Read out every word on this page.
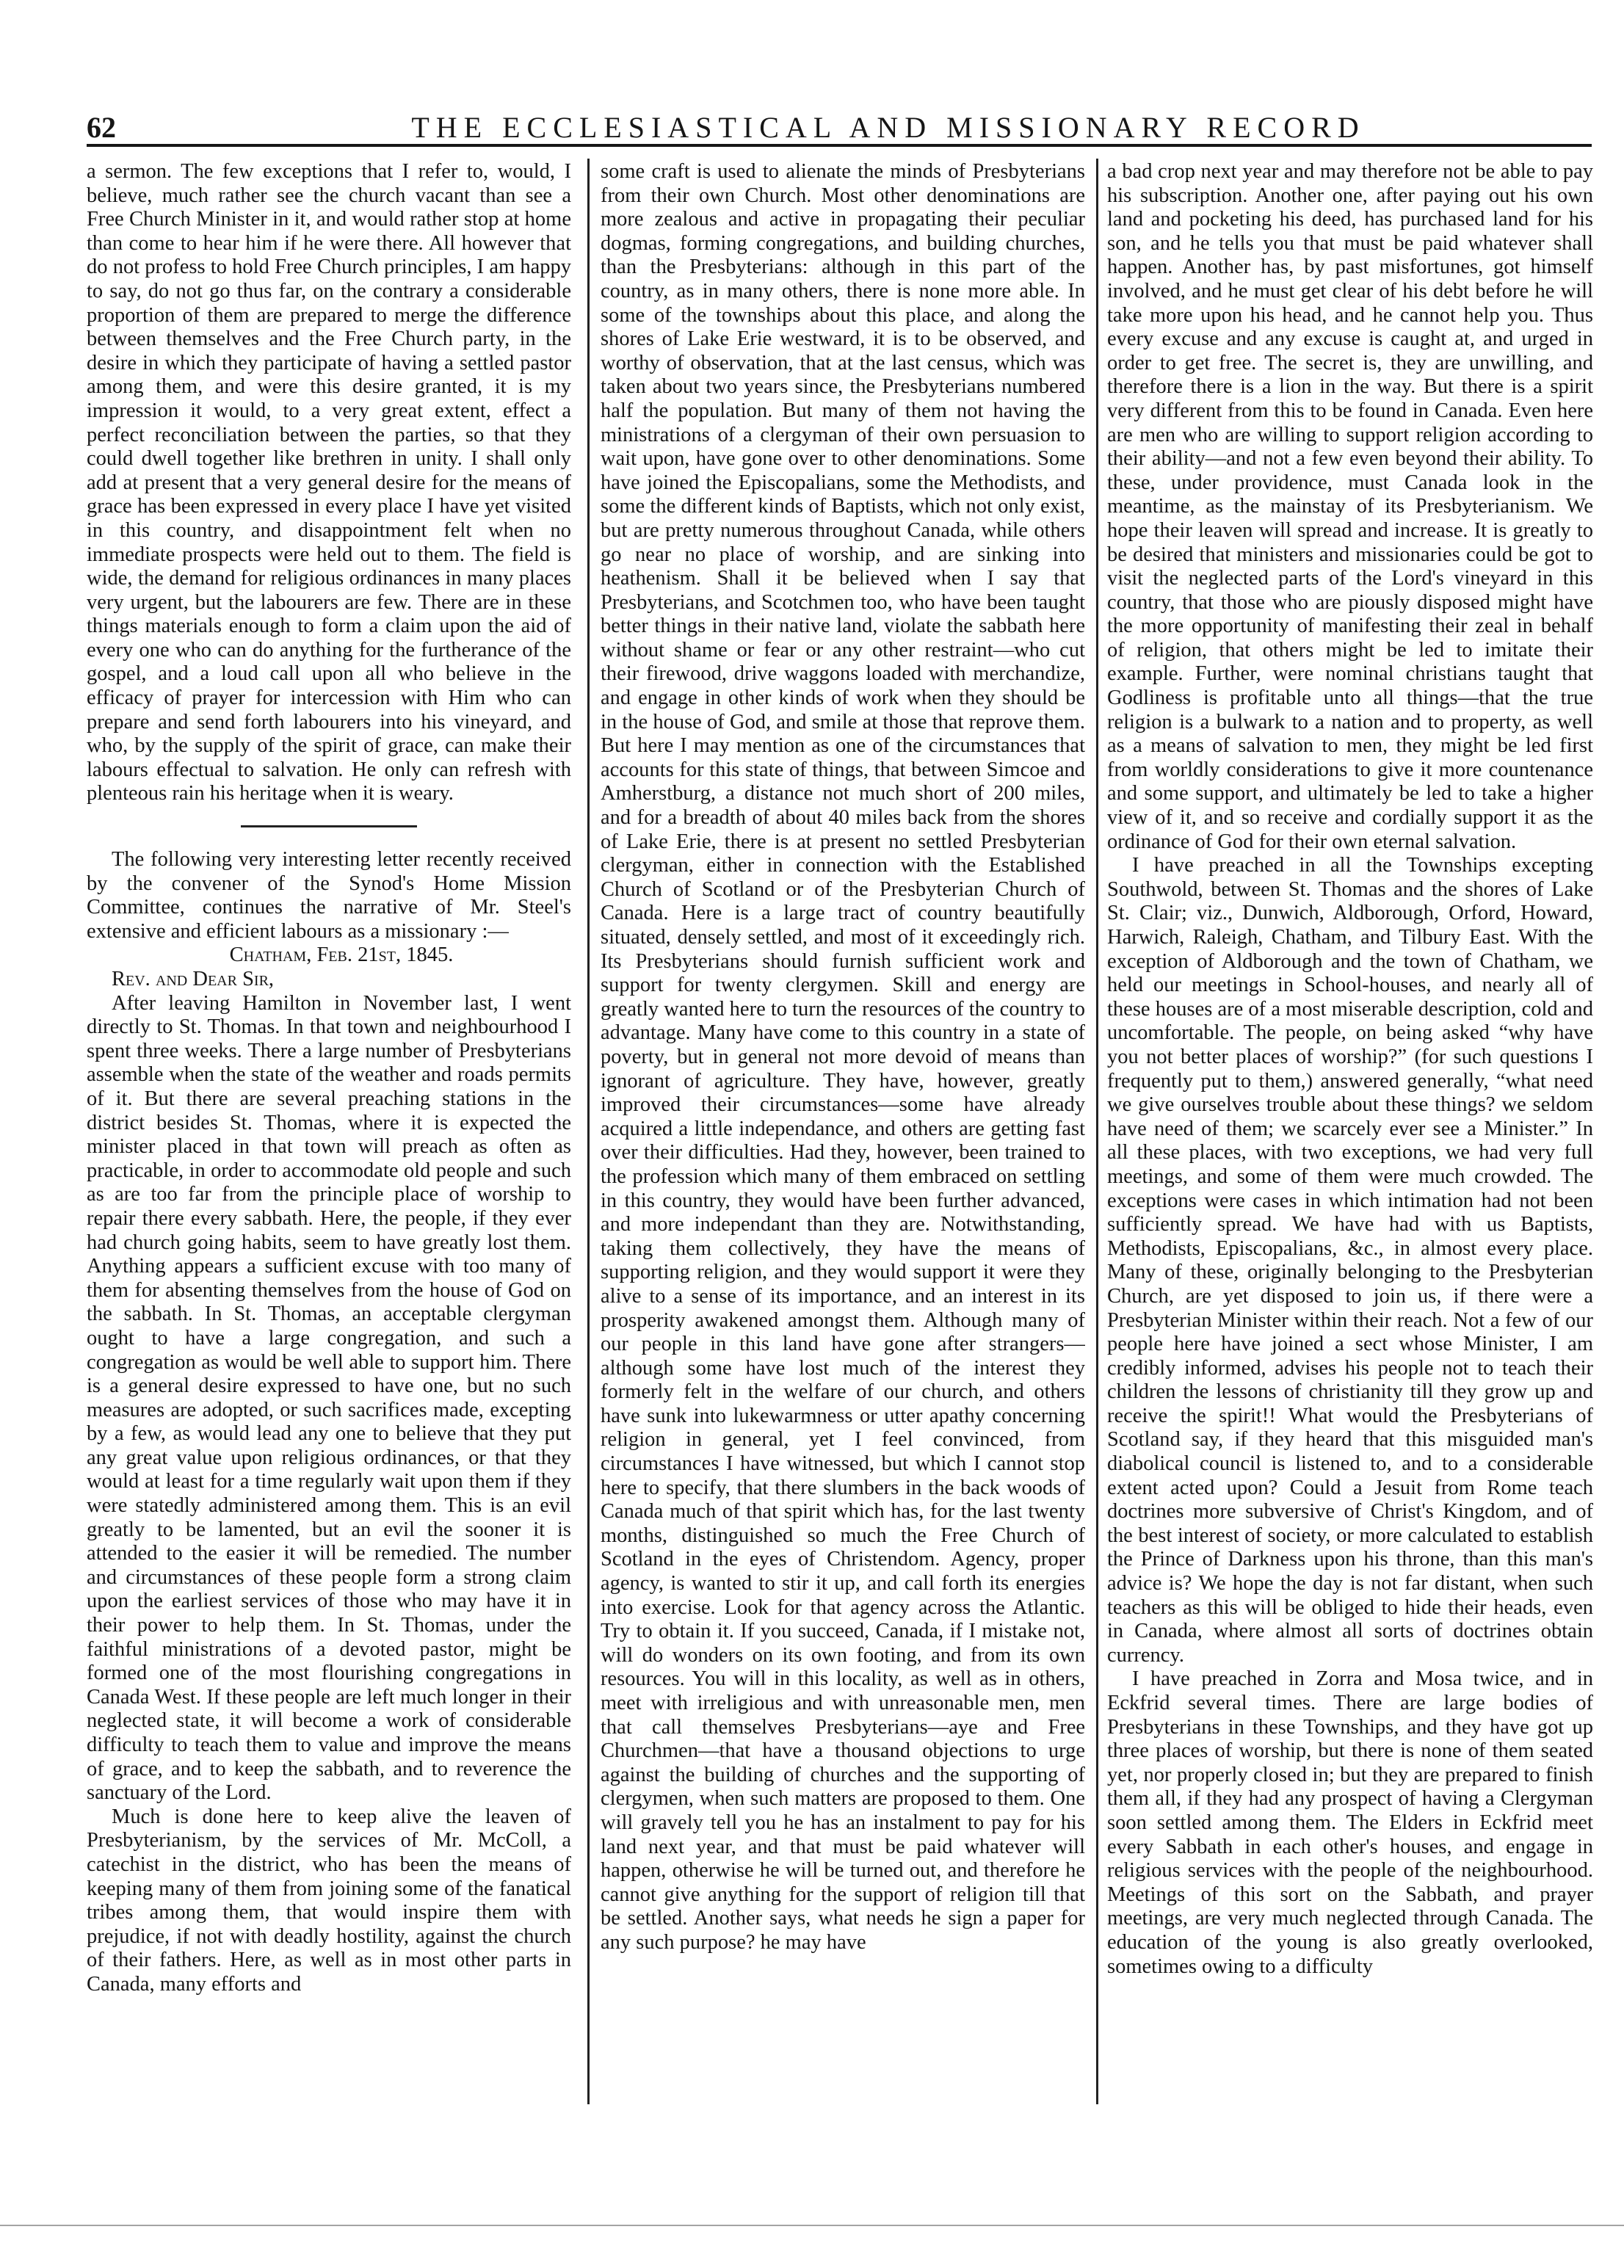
62	THE ECCLESIASTICAL AND MISSIONARY RECORD

a sermon. The few exceptions that I refer to, would, I believe, much rather see the church vacant than see a Free Church Minister in it, and would rather stop at home than come to hear him if he were there. All however that do not profess to hold Free Church principles, I am happy to say, do not go thus far, on the contrary a considerable proportion of them are prepared to merge the difference between themselves and the Free Church party, in the desire in which they participate of having a settled pastor among them, and were this desire granted, it is my impression it would, to a very great extent, effect a perfect reconciliation between the parties, so that they could dwell together like brethren in unity. I shall only add at present that a very general desire for the means of grace has been expressed in every place I have yet visited in this country, and disappointment felt when no immediate prospects were held out to them. The field is wide, the demand for religious ordinances in many places very urgent, but the labourers are few. There are in these things materials enough to form a claim upon the aid of every one who can do anything for the furtherance of the gospel, and a loud call upon all who believe in the efficacy of prayer for intercession with Him who can prepare and send forth labourers into his vineyard, and who, by the supply of the spirit of grace, can make their labours effectual to salvation. He only can refresh with plenteous rain his heritage when it is weary.

The following very interesting letter recently received by the convener of the Synod's Home Mission Committee, continues the narrative of Mr. Steel's extensive and efficient labours as a missionary :—

Chatham, Feb. 21st, 1845.

Rev. and Dear Sir,

After leaving Hamilton in November last, I went directly to St. Thomas. In that town and neighbourhood I spent three weeks. There a large number of Presbyterians assemble when the state of the weather and roads permits of it. But there are several preaching stations in the district besides St. Thomas, where it is expected the minister placed in that town will preach as often as practicable, in order to accommodate old people and such as are too far from the principle place of worship to repair there every sabbath. Here, the people, if they ever had church going habits, seem to have greatly lost them. Anything appears a sufficient excuse with too many of them for absenting themselves from the house of God on the sabbath. In St. Thomas, an acceptable clergyman ought to have a large congregation, and such a congregation as would be well able to support him. There is a general desire expressed to have one, but no such measures are adopted, or such sacrifices made, excepting by a few, as would lead any one to believe that they put any great value upon religious ordinances, or that they would at least for a time regularly wait upon them if they were statedly administered among them. This is an evil greatly to be lamented, but an evil the sooner it is attended to the easier it will be remedied. The number and circumstances of these people form a strong claim upon the earliest services of those who may have it in their power to help them. In St. Thomas, under the faithful ministrations of a devoted pastor, might be formed one of the most flourishing congregations in Canada West. If these people are left much longer in their neglected state, it will become a work of considerable difficulty to teach them to value and improve the means of grace, and to keep the sabbath, and to reverence the sanctuary of the Lord.

Much is done here to keep alive the leaven of Presbyterianism, by the services of Mr. McColl, a catechist in the district, who has been the means of keeping many of them from joining some of the fanatical tribes among them, that would inspire them with prejudice, if not with deadly hostility, against the church of their fathers. Here, as well as in most other parts in Canada, many efforts and

some craft is used to alienate the minds of Presbyterians from their own Church. Most other denominations are more zealous and active in propagating their peculiar dogmas, forming congregations, and building churches, than the Presbyterians: although in this part of the country, as in many others, there is none more able. In some of the townships about this place, and along the shores of Lake Erie westward, it is to be observed, and worthy of observation, that at the last census, which was taken about two years since, the Presbyterians numbered half the population. But many of them not having the ministrations of a clergyman of their own persuasion to wait upon, have gone over to other denominations. Some have joined the Episcopalians, some the Methodists, and some the different kinds of Baptists, which not only exist, but are pretty numerous throughout Canada, while others go near no place of worship, and are sinking into heathenism. Shall it be believed when I say that Presbyterians, and Scotchmen too, who have been taught better things in their native land, violate the sabbath here without shame or fear or any other restraint—who cut their firewood, drive waggons loaded with merchandize, and engage in other kinds of work when they should be in the house of God, and smile at those that reprove them. But here I may mention as one of the circumstances that accounts for this state of things, that between Simcoe and Amherstburg, a distance not much short of 200 miles, and for a breadth of about 40 miles back from the shores of Lake Erie, there is at present no settled Presbyterian clergyman, either in connection with the Established Church of Scotland or of the Presbyterian Church of Canada. Here is a large tract of country beautifully situated, densely settled, and most of it exceedingly rich. Its Presbyterians should furnish sufficient work and support for twenty clergymen. Skill and energy are greatly wanted here to turn the resources of the country to advantage. Many have come to this country in a state of poverty, but in general not more devoid of means than ignorant of agriculture. They have, however, greatly improved their circumstances—some have already acquired a little independance, and others are getting fast over their difficulties. Had they, however, been trained to the profession which many of them embraced on settling in this country, they would have been further advanced, and more independant than they are. Notwithstanding, taking them collectively, they have the means of supporting religion, and they would support it were they alive to a sense of its importance, and an interest in its prosperity awakened amongst them. Although many of our people in this land have gone after strangers—although some have lost much of the interest they formerly felt in the welfare of our church, and others have sunk into lukewarmness or utter apathy concerning religion in general, yet I feel convinced, from circumstances I have witnessed, but which I cannot stop here to specify, that there slumbers in the back woods of Canada much of that spirit which has, for the last twenty months, distinguished so much the Free Church of Scotland in the eyes of Christendom. Agency, proper agency, is wanted to stir it up, and call forth its energies into exercise. Look for that agency across the Atlantic. Try to obtain it. If you succeed, Canada, if I mistake not, will do wonders on its own footing, and from its own resources. You will in this locality, as well as in others, meet with irreligious and with unreasonable men, men that call themselves Presbyterians—aye and Free Churchmen—that have a thousand objections to urge against the building of churches and the supporting of clergymen, when such matters are proposed to them. One will gravely tell you he has an instalment to pay for his land next year, and that must be paid whatever will happen, otherwise he will be turned out, and therefore he cannot give anything for the support of religion till that be settled. Another says, what needs he sign a paper for any such purpose? he may have

a bad crop next year and may therefore not be able to pay his subscription. Another one, after paying out his own land and pocketing his deed, has purchased land for his son, and he tells you that must be paid whatever shall happen. Another has, by past misfortunes, got himself involved, and he must get clear of his debt before he will take more upon his head, and he cannot help you. Thus every excuse and any excuse is caught at, and urged in order to get free. The secret is, they are unwilling, and therefore there is a lion in the way. But there is a spirit very different from this to be found in Canada. Even here are men who are willing to support religion according to their ability—and not a few even beyond their ability. To these, under providence, must Canada look in the meantime, as the mainstay of its Presbyterianism. We hope their leaven will spread and increase. It is greatly to be desired that ministers and missionaries could be got to visit the neglected parts of the Lord's vineyard in this country, that those who are piously disposed might have the more opportunity of manifesting their zeal in behalf of religion, that others might be led to imitate their example. Further, were nominal christians taught that Godliness is profitable unto all things—that the true religion is a bulwark to a nation and to property, as well as a means of salvation to men, they might be led first from worldly considerations to give it more countenance and some support, and ultimately be led to take a higher view of it, and so receive and cordially support it as the ordinance of God for their own eternal salvation.

I have preached in all the Townships excepting Southwold, between St. Thomas and the shores of Lake St. Clair; viz., Dunwich, Aldborough, Orford, Howard, Harwich, Raleigh, Chatham, and Tilbury East. With the exception of Aldborough and the town of Chatham, we held our meetings in School-houses, and nearly all of these houses are of a most miserable description, cold and uncomfortable. The people, on being asked “why have you not better places of worship?” (for such questions I frequently put to them,) answered generally, “what need we give ourselves trouble about these things? we seldom have need of them; we scarcely ever see a Minister.” In all these places, with two exceptions, we had very full meetings, and some of them were much crowded. The exceptions were cases in which intimation had not been sufficiently spread. We have had with us Baptists, Methodists, Episcopalians, &c., in almost every place. Many of these, originally belonging to the Presbyterian Church, are yet disposed to join us, if there were a Presbyterian Minister within their reach. Not a few of our people here have joined a sect whose Minister, I am credibly informed, advises his people not to teach their children the lessons of christianity till they grow up and receive the spirit!! What would the Presbyterians of Scotland say, if they heard that this misguided man's diabolical council is listened to, and to a considerable extent acted upon? Could a Jesuit from Rome teach doctrines more subversive of Christ's Kingdom, and of the best interest of society, or more calculated to establish the Prince of Darkness upon his throne, than this man's advice is? We hope the day is not far distant, when such teachers as this will be obliged to hide their heads, even in Canada, where almost all sorts of doctrines obtain currency.

I have preached in Zorra and Mosa twice, and in Eckfrid several times. There are large bodies of Presbyterians in these Townships, and they have got up three places of worship, but there is none of them seated yet, nor properly closed in; but they are prepared to finish them all, if they had any prospect of having a Clergyman soon settled among them. The Elders in Eckfrid meet every Sabbath in each other's houses, and engage in religious services with the people of the neighbourhood. Meetings of this sort on the Sabbath, and prayer meetings, are very much neglected through Canada. The education of the young is also greatly overlooked, sometimes owing to a difficulty
